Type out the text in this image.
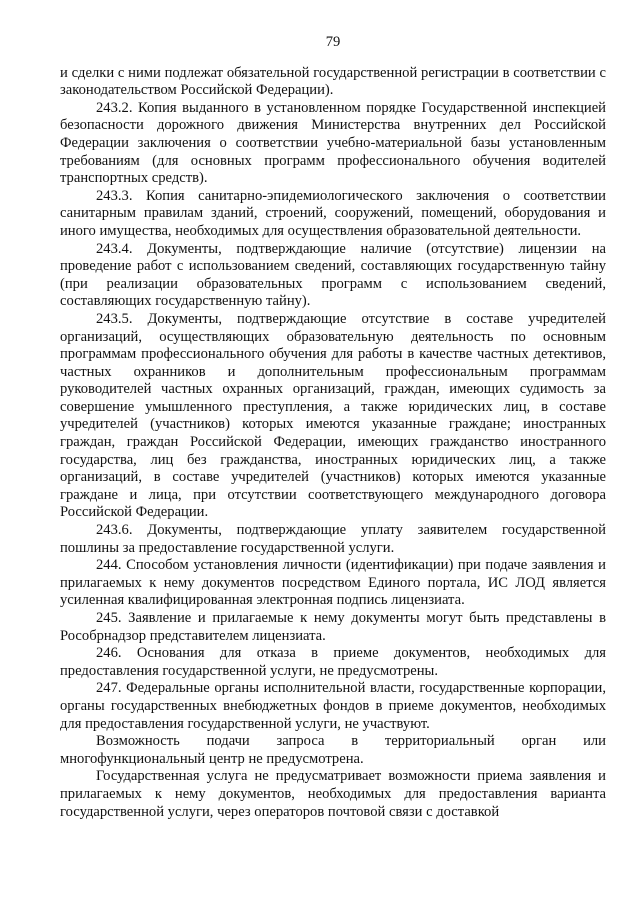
79

и сделки с ними подлежат обязательной государственной регистрации в соответствии с законодательством Российской Федерации).

243.2. Копия выданного в установленном порядке Государственной инспекцией безопасности дорожного движения Министерства внутренних дел Российской Федерации заключения о соответствии учебно-материальной базы установленным требованиям (для основных программ профессионального обучения водителей транспортных средств).

243.3. Копия санитарно-эпидемиологического заключения о соответствии санитарным правилам зданий, строений, сооружений, помещений, оборудования и иного имущества, необходимых для осуществления образовательной деятельности.

243.4. Документы, подтверждающие наличие (отсутствие) лицензии на проведение работ с использованием сведений, составляющих государственную тайну (при реализации образовательных программ с использованием сведений, составляющих государственную тайну).

243.5. Документы, подтверждающие отсутствие в составе учредителей организаций, осуществляющих образовательную деятельность по основным программам профессионального обучения для работы в качестве частных детективов, частных охранников и дополнительным профессиональным программам руководителей частных охранных организаций, граждан, имеющих судимость за совершение умышленного преступления, а также юридических лиц, в составе учредителей (участников) которых имеются указанные граждане; иностранных граждан, граждан Российской Федерации, имеющих гражданство иностранного государства, лиц без гражданства, иностранных юридических лиц, а также организаций, в составе учредителей (участников) которых имеются указанные граждане и лица, при отсутствии соответствующего международного договора Российской Федерации.

243.6. Документы, подтверждающие уплату заявителем государственной пошлины за предоставление государственной услуги.

244. Способом установления личности (идентификации) при подаче заявления и прилагаемых к нему документов посредством Единого портала, ИС ЛОД является усиленная квалифицированная электронная подпись лицензиата.

245. Заявление и прилагаемые к нему документы могут быть представлены в Рособрнадзор представителем лицензиата.

246. Основания для отказа в приеме документов, необходимых для предоставления государственной услуги, не предусмотрены.

247. Федеральные органы исполнительной власти, государственные корпорации, органы государственных внебюджетных фондов в приеме документов, необходимых для предоставления государственной услуги, не участвуют.

Возможность подачи запроса в территориальный орган или многофункциональный центр не предусмотрена.

Государственная услуга не предусматривает возможности приема заявления и прилагаемых к нему документов, необходимых для предоставления варианта государственной услуги, через операторов почтовой связи с доставкой
